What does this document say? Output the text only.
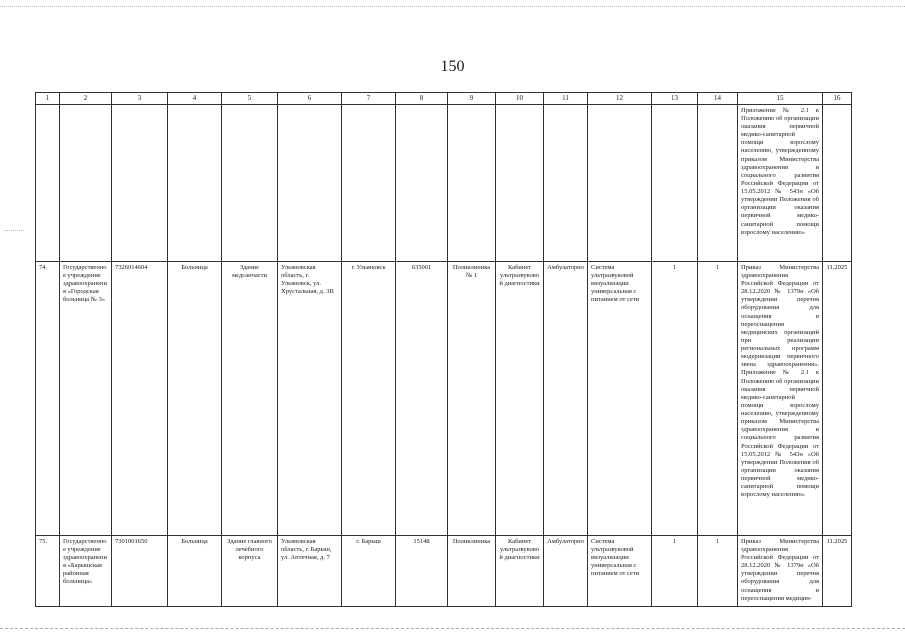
150
1	2	3	4	5	6	7	8	9	10	11	12	13	14	15	16
														Приложение № 2.1 к Положению об организации оказания первичной медико-санитарной помощи взрослому населению, утвержденному приказом Министерства здравоохранения и социального развития Российской Федерации от 15.05.2012 № 543н «Об утверждении Положения об организации оказания первичной медико-санитарной помощи взрослому населению»	
74.	Государственное учреждение здравоохранения «Городская больница № 3»	7326014604	Больница	Здание медсанчасти	Ульяновская область, г. Ульяновск, ул. Хрустальная, д. 3В	г. Ульяновск	635061	Поликлиника № 1	Кабинет ультразвуковой диагностики	Амбулаторно	Система ультразвуковой визуализации универсальная с питанием от сети	1	1	Приказ Министерства здравоохранения Российской Федерации от 28.12.2020 № 1379н «Об утверждении перечня оборудования для оснащения и переоснащения медицинских организаций при реализации региональных программ модернизации первичного звена здравоохранения». Приложение № 2.1 к Положению об организации оказания первичной медико-санитарной помощи взрослому населению, утвержденному приказом Министерства здравоохранения и социального развития Российской Федерации от 15.05.2012 № 543н «Об утверждении Положения об организации оказания первичной медико-санитарной помощи взрослому населению»	11.2025
75.	Государственное учреждение здравоохранения «Барышская районная больница»	7301001650	Больница	Здание главного лечебного корпуса	Ульяновская область, г. Барыш, ул. Аптечная, д. 7	г. Барыш	15148	Поликлиника	Кабинет ультразвуковой диагностики	Амбулаторно	Система ультразвуковой визуализации универсальная с питанием от сети	1	1	Приказ Министерства здравоохранения Российской Федерации от 28.12.2020 № 1379н «Об утверждении перечня оборудования для оснащения и переоснащения медицин-	11.2025
